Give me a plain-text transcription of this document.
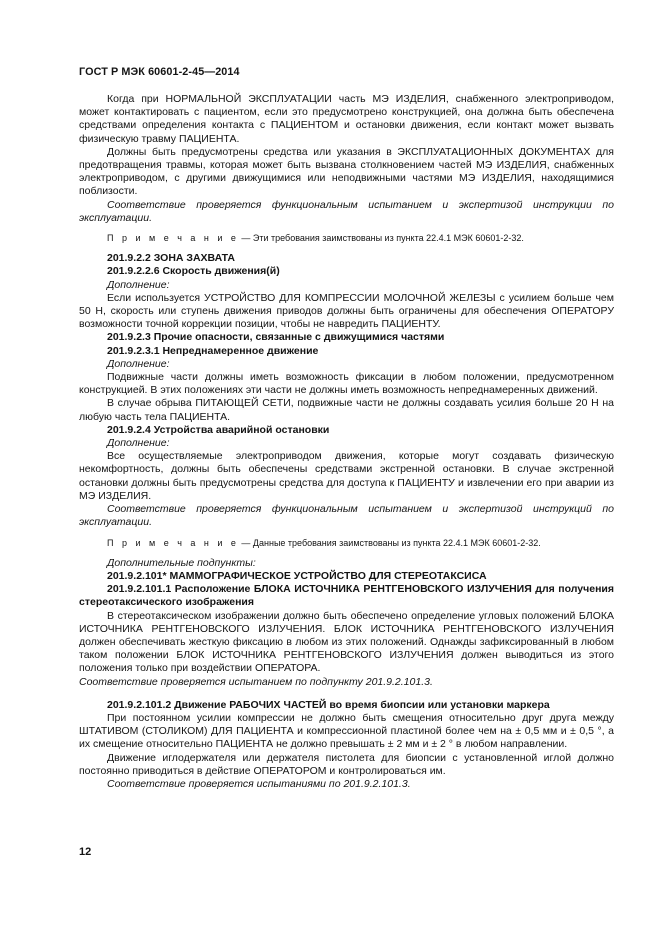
ГОСТ Р МЭК 60601-2-45—2014

Когда при НОРМАЛЬНОЙ ЭКСПЛУАТАЦИИ часть МЭ ИЗДЕЛИЯ, снабженного электроприводом, может контактировать с пациентом, если это предусмотрено конструкцией, она должна быть обеспечена средствами определения контакта с ПАЦИЕНТОМ и остановки движения, если контакт может вызвать физическую травму ПАЦИЕНТА.

Должны быть предусмотрены средства или указания в ЭКСПЛУАТАЦИОННЫХ ДОКУМЕНТАХ для предотвращения травмы, которая может быть вызвана столкновением частей МЭ ИЗДЕЛИЯ, снабженных электроприводом, с другими движущимися или неподвижными частями МЭ ИЗДЕЛИЯ, находящимися поблизости.

Соответствие проверяется функциональным испытанием и экспертизой инструкции по эксплуатации.

П р и м е ч а н и е — Эти требования заимствованы из пункта 22.4.1 МЭК 60601-2-32.

201.9.2.2 ЗОНА ЗАХВАТА

201.9.2.2.6 Скорость движения(й)

Дополнение:

Если используется УСТРОЙСТВО ДЛЯ КОМПРЕССИИ МОЛОЧНОЙ ЖЕЛЕЗЫ с усилием больше чем 50 Н, скорость или ступень движения приводов должны быть ограничены для обеспечения ОПЕРАТОРУ возможности точной коррекции позиции, чтобы не навредить ПАЦИЕНТУ.

201.9.2.3 Прочие опасности, связанные с движущимися частями

201.9.2.3.1 Непреднамеренное движение

Дополнение:

Подвижные части должны иметь возможность фиксации в любом положении, предусмотренном конструкцией. В этих положениях эти части не должны иметь возможность непреднамеренных движений.

В случае обрыва ПИТАЮЩЕЙ СЕТИ, подвижные части не должны создавать усилия больше 20 Н на любую часть тела ПАЦИЕНТА.

201.9.2.4 Устройства аварийной остановки

Дополнение:

Все осуществляемые электроприводом движения, которые могут создавать физическую некомфортность, должны быть обеспечены средствами экстренной остановки. В случае экстренной остановки должны быть предусмотрены средства для доступа к ПАЦИЕНТУ и извлечении его при аварии из МЭ ИЗДЕЛИЯ.

Соответствие проверяется функциональным испытанием и экспертизой инструкций по эксплуатации.

П р и м е ч а н и е — Данные требования заимствованы из пункта 22.4.1 МЭК 60601-2-32.

Дополнительные подпункты:

201.9.2.101* МАММОГРАФИЧЕСКОЕ УСТРОЙСТВО ДЛЯ СТЕРЕОТАКСИСА

201.9.2.101.1 Расположение БЛОКА ИСТОЧНИКА РЕНТГЕНОВСКОГО ИЗЛУЧЕНИЯ для получения стереотаксического изображения

В стереотаксическом изображении должно быть обеспечено определение угловых положений БЛОКА ИСТОЧНИКА РЕНТГЕНОВСКОГО ИЗЛУЧЕНИЯ. БЛОК ИСТОЧНИКА РЕНТГЕНОВСКОГО ИЗЛУЧЕНИЯ должен обеспечивать жесткую фиксацию в любом из этих положений. Однажды зафиксированный в любом таком положении БЛОК ИСТОЧНИКА РЕНТГЕНОВСКОГО ИЗЛУЧЕНИЯ должен выводиться из этого положения только при воздействии ОПЕРАТОРА.

Соответствие проверяется испытанием по подпункту 201.9.2.101.3.

201.9.2.101.2 Движение РАБОЧИХ ЧАСТЕЙ во время биопсии или установки маркера

При постоянном усилии компрессии не должно быть смещения относительно друг друга между ШТАТИВОМ (СТОЛИКОМ) ДЛЯ ПАЦИЕНТА и компрессионной пластиной более чем на ± 0,5 мм и ± 0,5 °, а их смещение относительно ПАЦИЕНТА не должно превышать ± 2 мм и ± 2 ° в любом направлении.

Движение иглодержателя или держателя пистолета для биопсии с установленной иглой должно постоянно приводиться в действие ОПЕРАТОРОМ и контролироваться им.

Соответствие проверяется испытаниями по 201.9.2.101.3.

12
